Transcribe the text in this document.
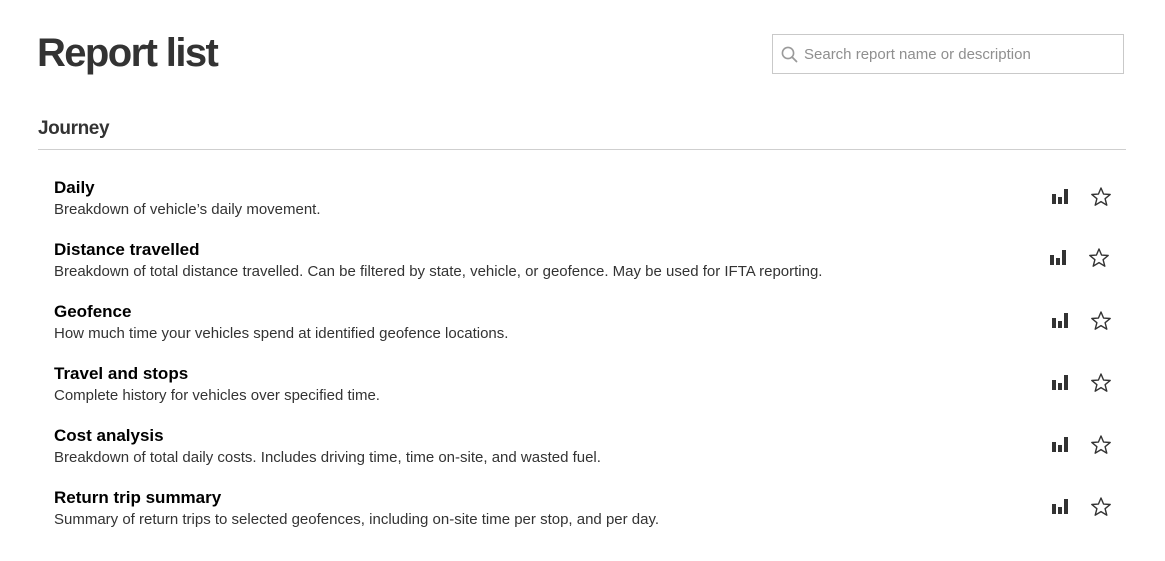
Report list
Search report name or description
Journey
Daily
Breakdown of vehicle’s daily movement.
Distance travelled
Breakdown of total distance travelled. Can be filtered by state, vehicle, or geofence. May be used for IFTA reporting.
Geofence
How much time your vehicles spend at identified geofence locations.
Travel and stops
Complete history for vehicles over specified time.
Cost analysis
Breakdown of total daily costs. Includes driving time, time on-site, and wasted fuel.
Return trip summary
Summary of return trips to selected geofences, including on-site time per stop, and per day.
